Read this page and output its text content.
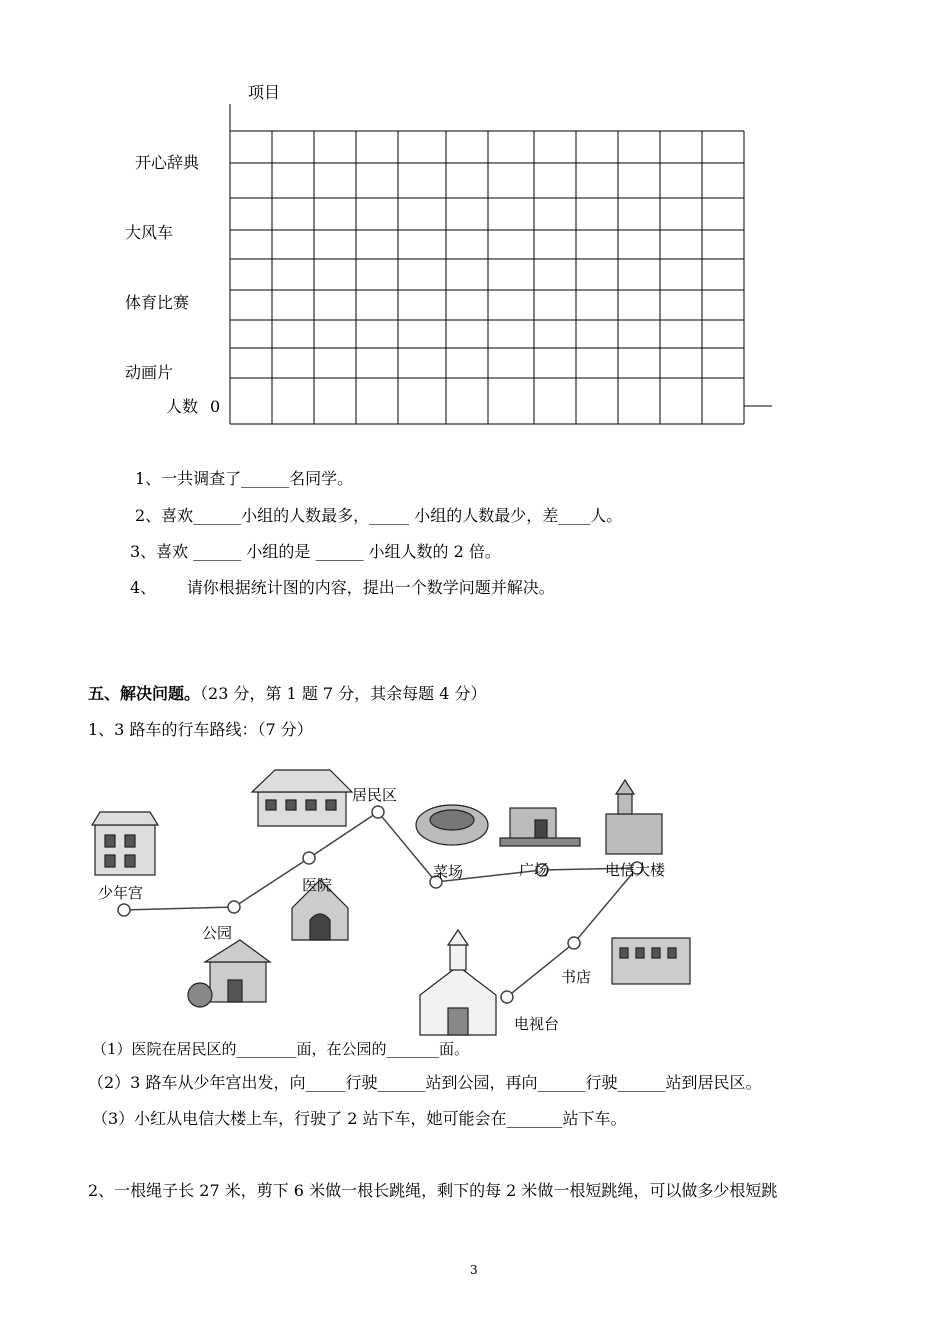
项目
开心辞典
大风车
体育比赛
动画片
人数 0
1、一共调查了______名同学。
2、喜欢______小组的人数最多，_____ 小组的人数最少，差____人。
3、喜欢 ______ 小组的是 ______ 小组人数的 2 倍。
4、      请你根据统计图的内容，提出一个数学问题并解决。
五、解决问题。（23 分，第 1 题 7 分，其余每题 4 分）
1、3 路车的行车路线：（7 分）
居民区
少年宫	医院
公园
菜场	广场	电信大楼
书店
电视台
（1）医院在居民区的________面，在公园的_______面。
（2）3 路车从少年宫出发，向_____行驶______站到公园，再向______行驶______站到居民区。
（3）小红从电信大楼上车，行驶了 2 站下车，她可能会在_______站下车。
2、一根绳子长 27 米，剪下 6 米做一根长跳绳，剩下的每 2 米做一根短跳绳，可以做多少根短跳
3
